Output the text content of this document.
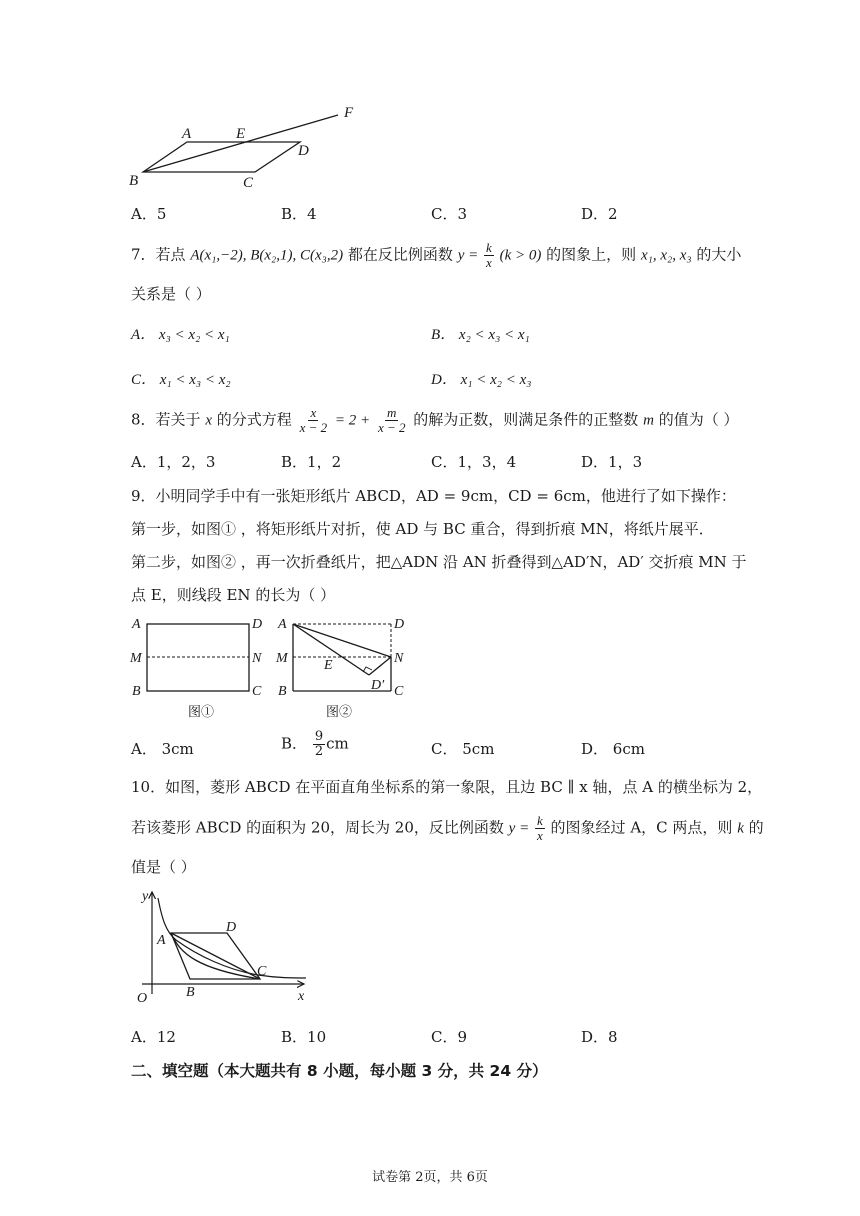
A	E
F
D
B	C
A．5	B．4	C．3	D．2
7．若点 A(x₁,−2), B(x₂,1), C(x₃,2) 都在反比例函数 $y = \frac{k}{x} (k > 0)$ 的图象上，则 x₁, x₂, x₃ 的大小
关系是（ ）
A． x₃ < x₂ < x₁	B． x₂ < x₃ < x₁
C． x₁ < x₃ < x₂	D． x₁ < x₂ < x₃
8．若关于 x 的分式方程 $\frac{x}{x - 2} = 2 + \frac{m}{x - 2}$ 的解为正数，则满足条件的正整数 m 的值为（ ）
A．1，2，3	B．1，2	C．1，3，4	D．1，3
9．小明同学手中有一张矩形纸片 ABCD，AD = 9cm，CD = 6cm，他进行了如下操作：
第一步，如图① ，将矩形纸片对折，使 AD 与 BC 重合，得到折痕 MN，将纸片展平．
第二步，如图② ，再一次折叠纸片，把△ADN 沿 AN 折叠得到△AD′N，AD′ 交折痕 MN 于
点 E，则线段 EN 的长为（ ）
A	D
M	N
B	C
图①
A	D
M	N
E
D′
B	C
图②
A． 3cm	B． $\frac{9}{2}$ cm	C． 5cm	D． 6cm
10．如图，菱形 ABCD 在平面直角坐标系的第一象限，且边 BC ∥ x 轴，点 A 的横坐标为 2，
若该菱形 ABCD 的面积为 20，周长为 20，反比例函数 $y = \frac{k}{x}$ 的图象经过 A，C 两点，则 k 的
值是（ ）
y
x
O
A
D
B
C
A．12	B．10	C．9	D．8
二、填空题（本大题共有 8 小题，每小题 3 分，共 24 分）
试卷第 2页，共 6页
